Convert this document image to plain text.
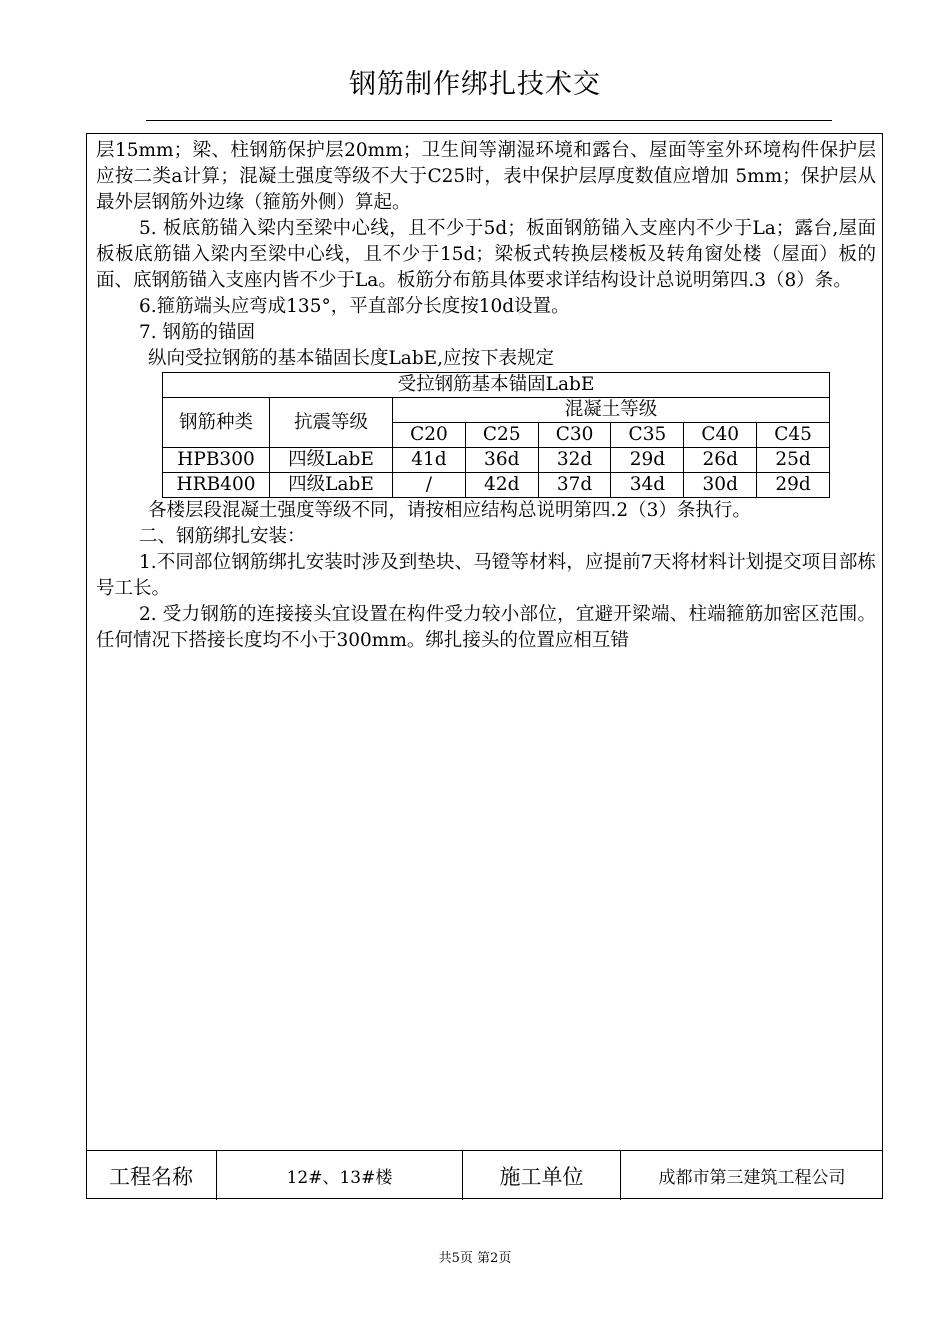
钢筋制作绑扎技术交

层15mm；梁、柱钢筋保护层20mm；卫生间等潮湿环境和露台、屋面等室外环境构件保护层应按二类a计算；混凝土强度等级不大于C25时，表中保护层厚度数值应增加 5mm；保护层从最外层钢筋外边缘（箍筋外侧）算起。

5. 板底筋锚入梁内至梁中心线，且不少于5d；板面钢筋锚入支座内不少于La；露台,屋面板板底筋锚入梁内至梁中心线，且不少于15d；梁板式转换层楼板及转角窗处楼（屋面）板的面、底钢筋锚入支座内皆不少于La。板筋分布筋具体要求详结构设计总说明第四.3（8）条。

6.箍筋端头应弯成135°，平直部分长度按10d设置。

7. 钢筋的锚固

纵向受拉钢筋的基本锚固长度LabE,应按下表规定

受拉钢筋基本锚固LabE							
钢筋种类	抗震等级	混凝土等级					
		C20	C25	C30	C35	C40	C45
HPB300	四级LabE	41d	36d	32d	29d	26d	25d
HRB400	四级LabE	/	42d	37d	34d	30d	29d

各楼层段混凝土强度等级不同，请按相应结构总说明第四.2（3）条执行。

二、钢筋绑扎安装：

1.不同部位钢筋绑扎安装时涉及到垫块、马镫等材料，应提前7天将材料计划提交项目部栋号工长。

2. 受力钢筋的连接接头宜设置在构件受力较小部位，宜避开梁端、柱端箍筋加密区范围。任何情况下搭接长度均不小于300mm。绑扎接头的位置应相互错

工程名称	12#、13#楼	施工单位	成都市第三建筑工程公司
共5页 第2页
